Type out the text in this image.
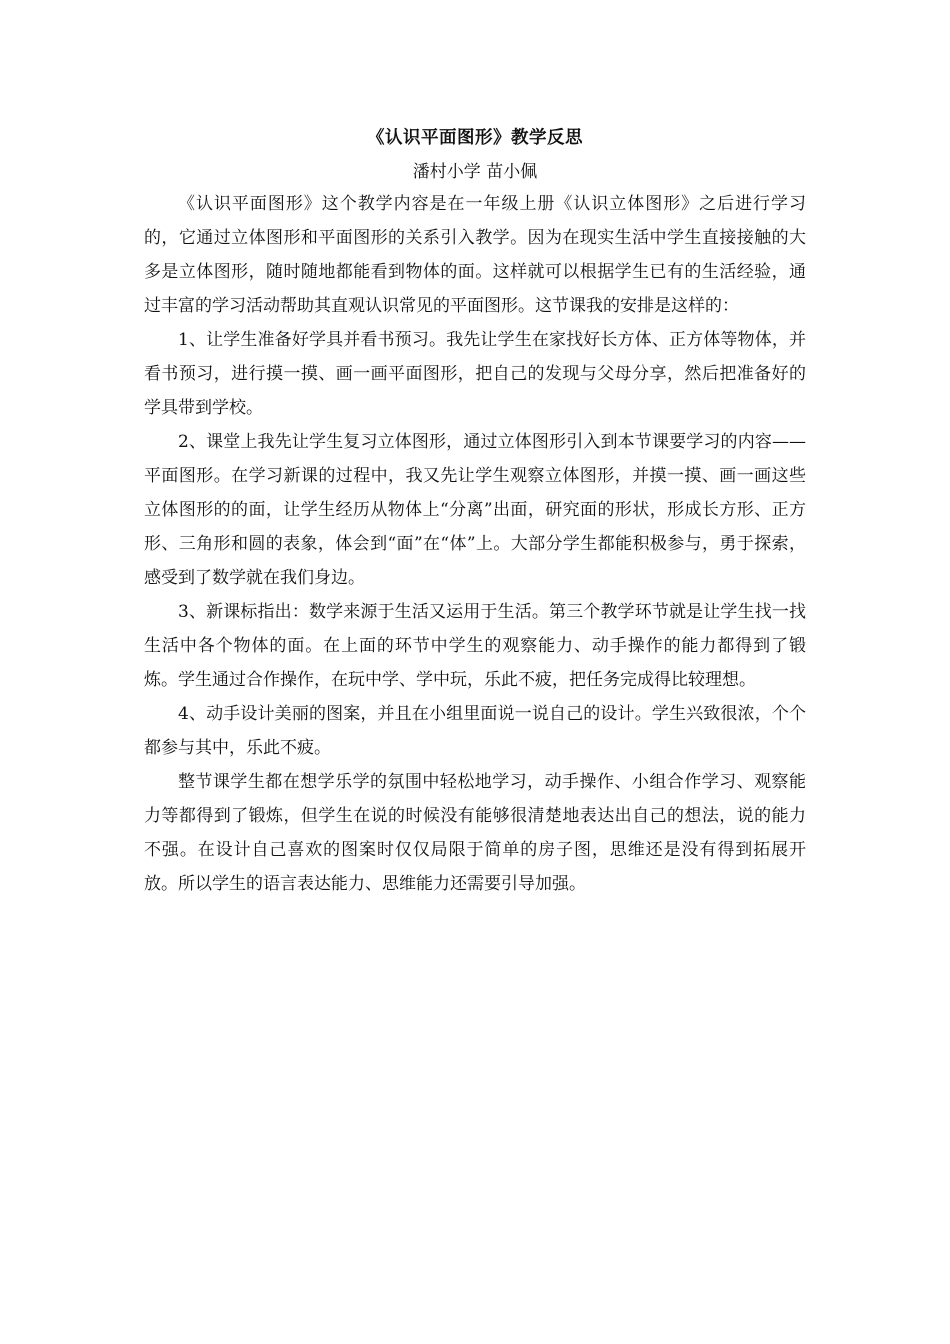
《认识平面图形》教学反思
潘村小学 苗小佩

《认识平面图形》这个教学内容是在一年级上册《认识立体图形》之后进行学习的，它通过立体图形和平面图形的关系引入教学。因为在现实生活中学生直接接触的大多是立体图形，随时随地都能看到物体的面。这样就可以根据学生已有的生活经验，通过丰富的学习活动帮助其直观认识常见的平面图形。这节课我的安排是这样的：

1、让学生准备好学具并看书预习。我先让学生在家找好长方体、正方体等物体，并看书预习，进行摸一摸、画一画平面图形，把自己的发现与父母分享，然后把准备好的学具带到学校。

2、课堂上我先让学生复习立体图形，通过立体图形引入到本节课要学习的内容——平面图形。在学习新课的过程中，我又先让学生观察立体图形，并摸一摸、画一画这些立体图形的的面，让学生经历从物体上“分离”出面，研究面的形状，形成长方形、正方形、三角形和圆的表象，体会到“面”在“体”上。大部分学生都能积极参与，勇于探索，感受到了数学就在我们身边。

3、新课标指出：数学来源于生活又运用于生活。第三个教学环节就是让学生找一找生活中各个物体的面。在上面的环节中学生的观察能力、动手操作的能力都得到了锻炼。学生通过合作操作，在玩中学、学中玩，乐此不疲，把任务完成得比较理想。

4、动手设计美丽的图案，并且在小组里面说一说自己的设计。学生兴致很浓，个个都参与其中，乐此不疲。

整节课学生都在想学乐学的氛围中轻松地学习，动手操作、小组合作学习、观察能力等都得到了锻炼，但学生在说的时候没有能够很清楚地表达出自己的想法，说的能力不强。在设计自己喜欢的图案时仅仅局限于简单的房子图，思维还是没有得到拓展开放。所以学生的语言表达能力、思维能力还需要引导加强。
